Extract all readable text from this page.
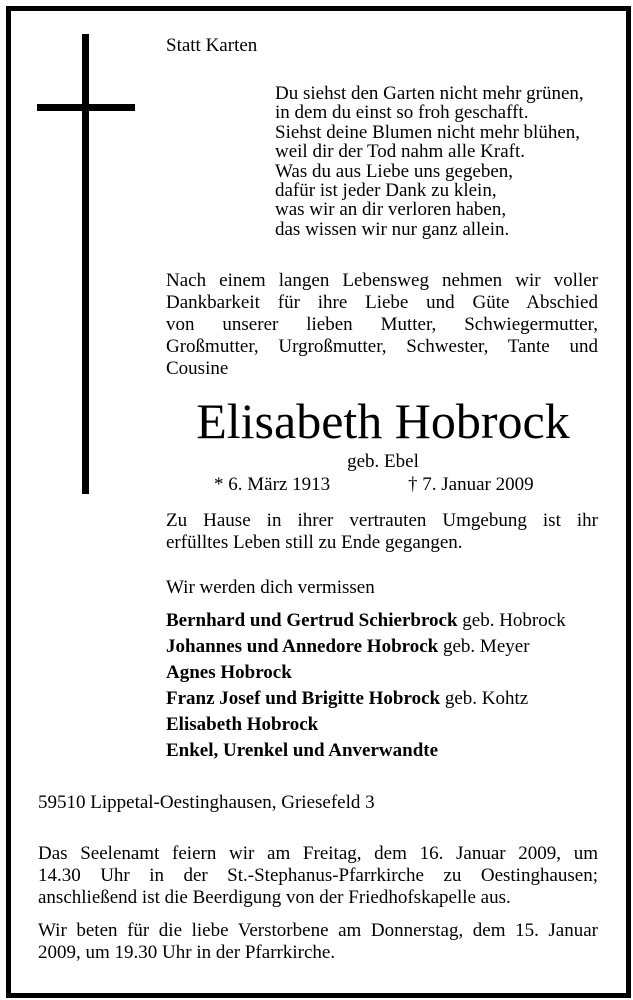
Statt Karten
Du siehst den Garten nicht mehr grünen,
in dem du einst so froh geschafft.
Siehst deine Blumen nicht mehr blühen,
weil dir der Tod nahm alle Kraft.
Was du aus Liebe uns gegeben,
dafür ist jeder Dank zu klein,
was wir an dir verloren haben,
das wissen wir nur ganz allein.
Nach einem langen Lebensweg nehmen wir voller
Dankbarkeit für ihre Liebe und Güte Abschied
von unserer lieben Mutter, Schwiegermutter,
Großmutter, Urgroßmutter, Schwester, Tante und
Cousine
Elisabeth Hobrock
geb. Ebel
* 6. März 1913	† 7. Januar 2009
Zu Hause in ihrer vertrauten Umgebung ist ihr
erfülltes Leben still zu Ende gegangen.
Wir werden dich vermissen
Bernhard und Gertrud Schierbrock geb. Hobrock
Johannes und Annedore Hobrock geb. Meyer
Agnes Hobrock
Franz Josef und Brigitte Hobrock geb. Kohtz
Elisabeth Hobrock
Enkel, Urenkel und Anverwandte
59510 Lippetal-Oestinghausen, Griesefeld 3
Das Seelenamt feiern wir am Freitag, dem 16. Januar 2009, um
14.30 Uhr in der St.-Stephanus-Pfarrkirche zu Oestinghausen;
anschließend ist die Beerdigung von der Friedhofskapelle aus.
Wir beten für die liebe Verstorbene am Donnerstag, dem 15. Januar
2009, um 19.30 Uhr in der Pfarrkirche.
